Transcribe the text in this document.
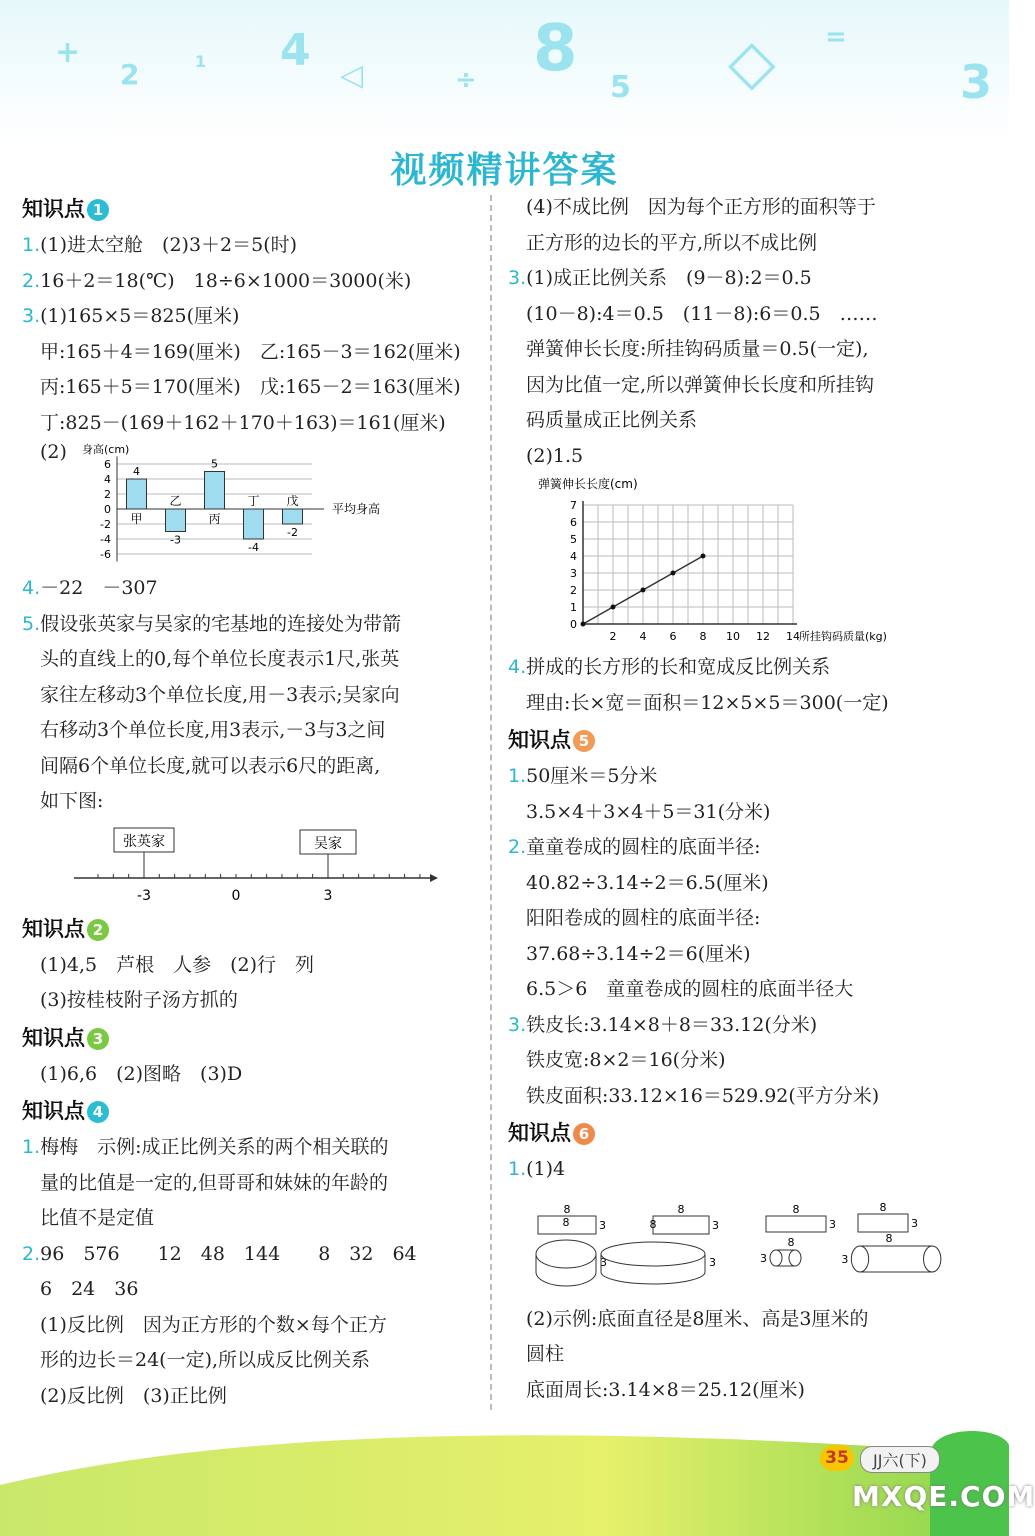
+
2	1 4 ◁	÷ 8
5 ◇ =
3
视频精讲答案
知识点 1
1.(1)进太空舱　(2)3＋2＝5(时)
2.16＋2＝18(℃)　18÷6×1000＝3000(米)
3.(1)165×5＝825(厘米)
甲:165＋4＝169(厘米)　乙:165－3＝162(厘米)
丙:165＋5＝170(厘米)　戊:165－2＝163(厘米)
丁:825－(169＋162＋170＋163)＝161(厘米)
(2) 身高(cm)
6
4
2
0
-2
-4
-6
平均身高
4
甲
-3
乙
5
丙
-4
丁
-2
戊
4.－22　－307
5.假设张英家与吴家的宅基地的连接处为带箭
头的直线上的0,每个单位长度表示1尺,张英
家往左移动3个单位长度,用－3表示;吴家向
右移动3个单位长度,用3表示,－3与3之间
间隔6个单位长度,就可以表示6尺的距离,
如下图:
张英家	吴家
-3	0	3
知识点 2
(1)4,5　芦根　人参　(2)行　列
(3)按桂枝附子汤方抓的
知识点 3
(1)6,6　(2)图略　(3)D
知识点 4
1.梅梅　示例:成正比例关系的两个相关联的
量的比值是一定的,但哥哥和妹妹的年龄的
比值不是定值
2.96　576　　12　48　144　　8　32　64
6　24　36
(1)反比例　因为正方形的个数×每个正方
形的边长＝24(一定),所以成反比例关系
(2)反比例　(3)正比例
(4)不成比例　因为每个正方形的面积等于
正方形的边长的平方,所以不成比例
3.(1)成正比例关系　(9－8):2＝0.5
(10－8):4＝0.5　(11－8):6＝0.5　……
弹簧伸长长度:所挂钩码质量＝0.5(一定),
因为比值一定,所以弹簧伸长长度和所挂钩
码质量成正比例关系
(2)1.5
弹簧伸长长度(cm)
1
2
3
4
5
6
7
2 4 6 8 10 12 14
0
所挂钩码质量(kg)
4.拼成的长方形的长和宽成反比例关系
理由:长×宽＝面积＝12×5×5＝300(一定)
知识点 5
1.50厘米＝5分米
3.5×4＋3×4＋5＝31(分米)
2.童童卷成的圆柱的底面半径:
40.82÷3.14÷2＝6.5(厘米)
阳阳卷成的圆柱的底面半径:
37.68÷3.14÷2＝6(厘米)
6.5＞6　童童卷成的圆柱的底面半径大
3.铁皮长:3.14×8＋8＝33.12(分米)
铁皮宽:8×2＝16(分米)
铁皮面积:33.12×16＝529.92(平方分米)
知识点 6
1.(1)4
8
3
8
3
8
3
8
3
8
3
8
3
8
3
8
3
(2)示例:底面直径是8厘米、高是3厘米的
圆柱
底面周长:3.14×8＝25.12(厘米)
35	JJ六(下)
MXQE.COM
